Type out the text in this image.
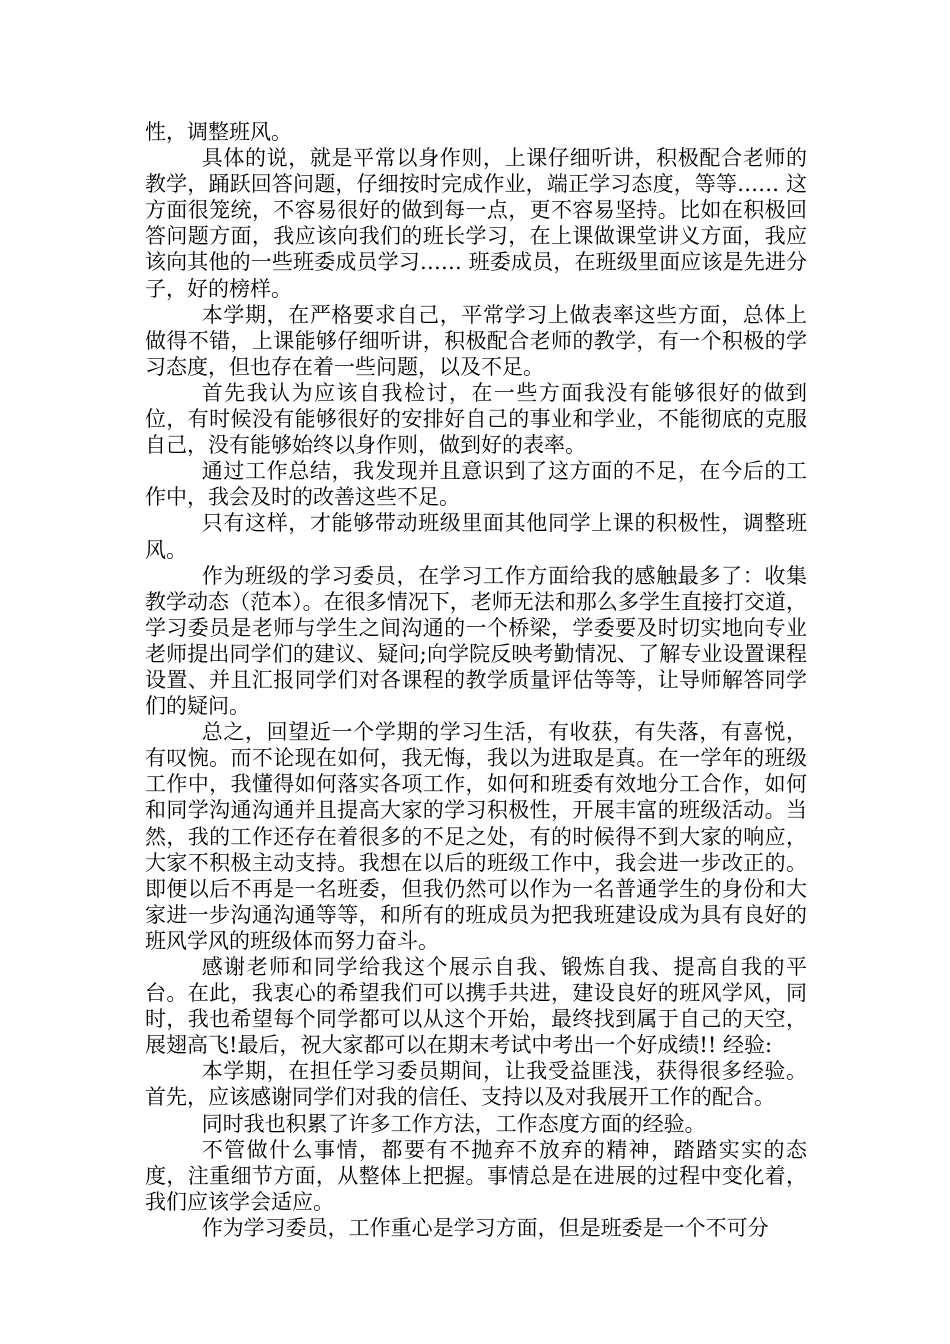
性，调整班风。

具体的说，就是平常以身作则，上课仔细听讲，积极配合老师的教学，踊跃回答问题，仔细按时完成作业，端正学习态度，等等…… 这方面很笼统，不容易很好的做到每一点，更不容易坚持。比如在积极回答问题方面，我应该向我们的班长学习，在上课做课堂讲义方面，我应该向其他的一些班委成员学习…… 班委成员，在班级里面应该是先进分子，好的榜样。

本学期，在严格要求自己，平常学习上做表率这些方面，总体上做得不错，上课能够仔细听讲，积极配合老师的教学，有一个积极的学习态度，但也存在着一些问题，以及不足。

首先我认为应该自我检讨，在一些方面我没有能够很好的做到位，有时候没有能够很好的安排好自己的事业和学业，不能彻底的克服自己，没有能够始终以身作则，做到好的表率。

通过工作总结，我发现并且意识到了这方面的不足，在今后的工作中，我会及时的改善这些不足。

只有这样，才能够带动班级里面其他同学上课的积极性，调整班风。

作为班级的学习委员，在学习工作方面给我的感触最多了：收集教学动态（范本）。在很多情况下，老师无法和那么多学生直接打交道，学习委员是老师与学生之间沟通的一个桥梁，学委要及时切实地向专业老师提出同学们的建议、疑问;向学院反映考勤情况、了解专业设置课程设置、并且汇报同学们对各课程的教学质量评估等等，让导师解答同学们的疑问。

总之，回望近一个学期的学习生活，有收获，有失落，有喜悦，有叹惋。而不论现在如何，我无悔，我以为进取是真。在一学年的班级工作中，我懂得如何落实各项工作，如何和班委有效地分工合作，如何和同学沟通沟通并且提高大家的学习积极性，开展丰富的班级活动。当然，我的工作还存在着很多的不足之处，有的时候得不到大家的响应，大家不积极主动支持。我想在以后的班级工作中，我会进一步改正的。即便以后不再是一名班委，但我仍然可以作为一名普通学生的身份和大家进一步沟通沟通等等，和所有的班成员为把我班建设成为具有良好的班风学风的班级体而努力奋斗。

感谢老师和同学给我这个展示自我、锻炼自我、提高自我的平台。在此，我衷心的希望我们可以携手共进，建设良好的班风学风，同时，我也希望每个同学都可以从这个开始，最终找到属于自己的天空，展翅高飞!最后，祝大家都可以在期末考试中考出一个好成绩!! 经验:

本学期，在担任学习委员期间，让我受益匪浅，获得很多经验。首先，应该感谢同学们对我的信任、支持以及对我展开工作的配合。

同时我也积累了许多工作方法，工作态度方面的经验。

不管做什么事情，都要有不抛弃不放弃的精神，踏踏实实的态度，注重细节方面，从整体上把握。事情总是在进展的过程中变化着，我们应该学会适应。

作为学习委员，工作重心是学习方面，但是班委是一个不可分
